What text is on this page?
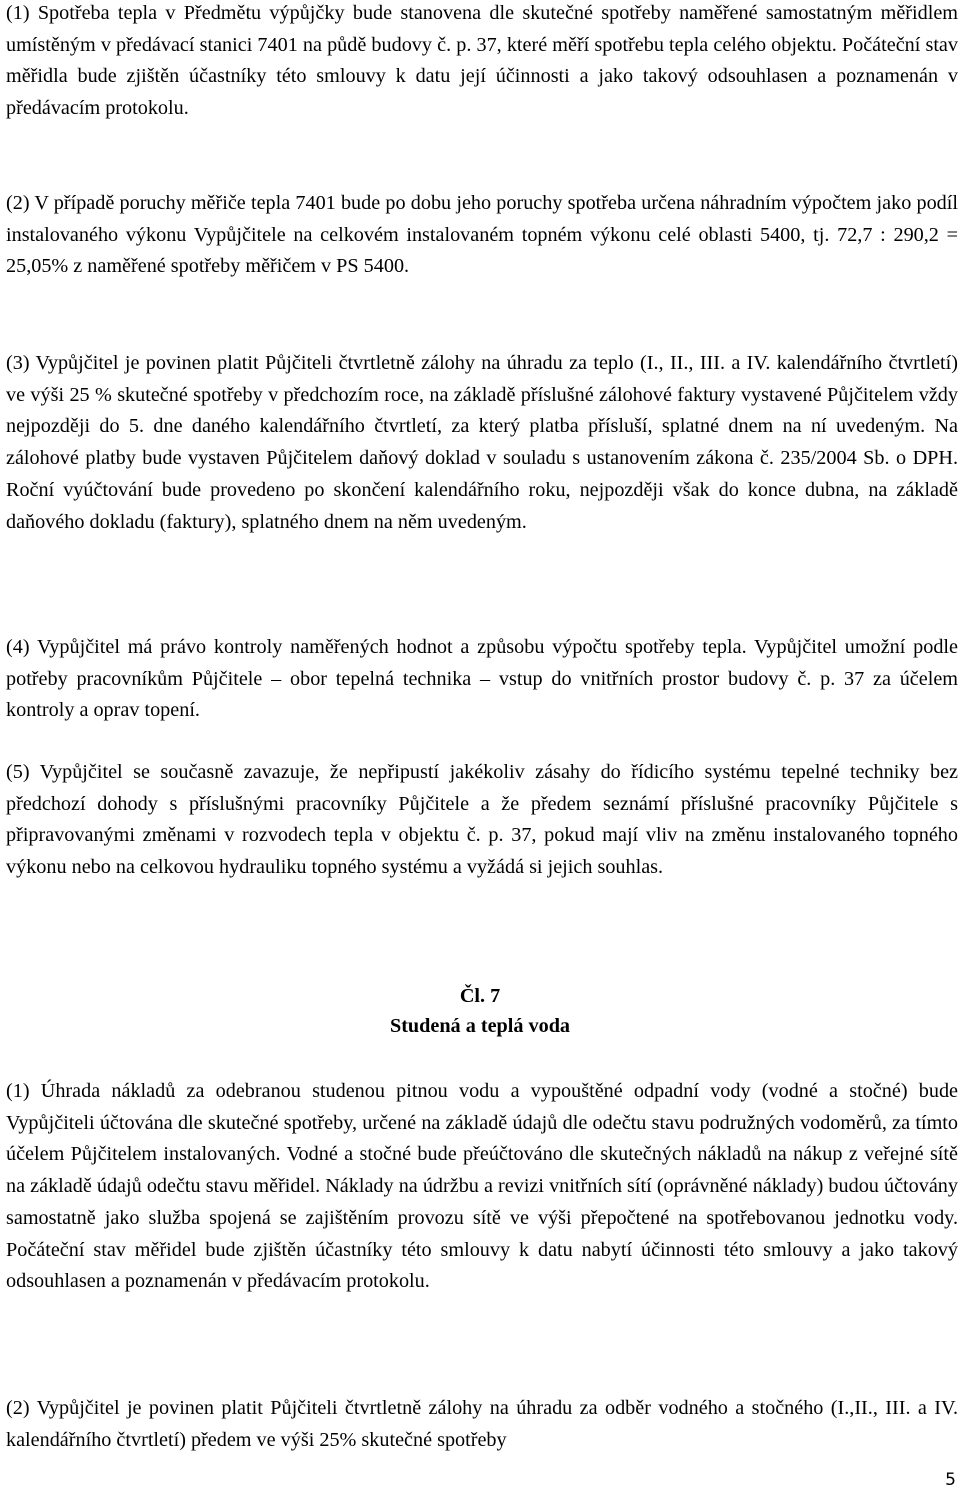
(1) Spotřeba tepla v Předmětu výpůjčky bude stanovena dle skutečné spotřeby naměřené samostatným měřidlem umístěným v předávací stanici 7401 na půdě budovy č. p. 37, které měří spotřebu tepla celého objektu. Počáteční stav měřidla bude zjištěn účastníky této smlouvy k datu její účinnosti a jako takový odsouhlasen a poznamenán v předávacím protokolu.

(2) V případě poruchy měřiče tepla 7401 bude po dobu jeho poruchy spotřeba určena náhradním výpočtem jako podíl instalovaného výkonu Vypůjčitele na celkovém instalovaném topném výkonu celé oblasti 5400, tj. 72,7 : 290,2 = 25,05% z naměřené spotřeby měřičem v PS 5400.

(3) Vypůjčitel je povinen platit Půjčiteli čtvrtletně zálohy na úhradu za teplo (I., II., III. a IV. kalendářního čtvrtletí) ve výši 25 % skutečné spotřeby v předchozím roce, na základě příslušné zálohové faktury vystavené Půjčitelem vždy nejpozději do 5. dne daného kalendářního čtvrtletí, za který platba přísluší, splatné dnem na ní uvedeným. Na zálohové platby bude vystaven Půjčitelem daňový doklad v souladu s ustanovením zákona č. 235/2004 Sb. o DPH. Roční vyúčtování bude provedeno po skončení kalendářního roku, nejpozději však do konce dubna, na základě daňového dokladu (faktury), splatného dnem na něm uvedeným.

(4) Vypůjčitel má právo kontroly naměřených hodnot a způsobu výpočtu spotřeby tepla. Vypůjčitel umožní podle potřeby pracovníkům Půjčitele – obor tepelná technika – vstup do vnitřních prostor budovy č. p. 37 za účelem kontroly a oprav topení.

(5) Vypůjčitel se současně zavazuje, že nepřipustí jakékoliv zásahy do řídicího systému tepelné techniky bez předchozí dohody s příslušnými pracovníky Půjčitele a že předem seznámí příslušné pracovníky Půjčitele s připravovanými změnami v rozvodech tepla v objektu č. p. 37, pokud mají vliv na změnu instalovaného topného výkonu nebo na celkovou hydrauliku topného systému a vyžádá si jejich souhlas.

Čl. 7
Studená a teplá voda

(1) Úhrada nákladů za odebranou studenou pitnou vodu a vypouštěné odpadní vody (vodné a stočné) bude Vypůjčiteli účtována dle skutečné spotřeby, určené na základě údajů dle odečtu stavu podružných vodoměrů, za tímto účelem Půjčitelem instalovaných. Vodné a stočné bude přeúčtováno dle skutečných nákladů na nákup z veřejné sítě na základě údajů odečtu stavu měřidel. Náklady na údržbu a revizi vnitřních sítí (oprávněné náklady) budou účtovány samostatně jako služba spojená se zajištěním provozu sítě ve výši přepočtené na spotřebovanou jednotku vody. Počáteční stav měřidel bude zjištěn účastníky této smlouvy k datu nabytí účinnosti této smlouvy a jako takový odsouhlasen a poznamenán v předávacím protokolu.

(2) Vypůjčitel je povinen platit Půjčiteli čtvrtletně zálohy na úhradu za odběr vodného a stočného (I.,II., III. a IV. kalendářního čtvrtletí) předem ve výši 25% skutečné spotřeby

5
